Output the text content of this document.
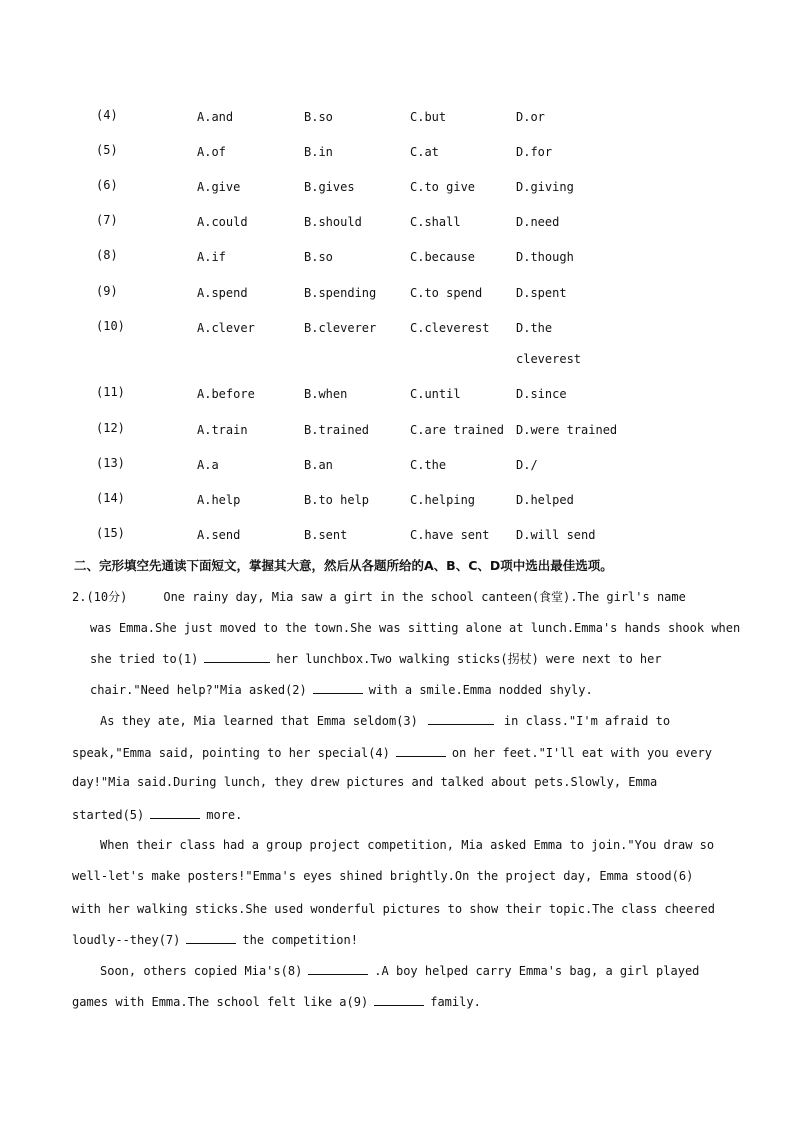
(4)	A.and	B.so	C.but	D.or
(5)	A.of	B.in	C.at	D.for
(6)	A.give	B.gives	C.to give	D.giving
(7)	A.could	B.should	C.shall	D.need
(8)	A.if	B.so	C.because	D.though
(9)	A.spend	B.spending	C.to spend	D.spent
(10)	A.clever	B.cleverer	C.cleverest D.the
cleverest
(11)	A.before	B.when	C.until	D.since
(12)	A.train	B.trained	C.are trained D.were trained
(13)	A.a	B.an	C.the	D./
(14)	A.help	B.to help	C.helping	D.helped
(15)	A.send	B.sent	C.have sent D.will send
二、完形填空先通读下面短文，掌握其大意，然后从各题所给的A、B、C、D项中选出最佳选项。
2.(10分)	One rainy day, Mia saw a girt in the school canteen(食堂).The girl's name
was Emma.She just moved to the town.She was sitting alone at lunch.Emma's hands shook when
she tried to(1)	her lunchbox.Two walking sticks(拐杖) were next to her
chair."Need help?"Mia asked(2)	with a smile.Emma nodded shyly.
As they ate, Mia learned that Emma seldom(3)	in class."I'm afraid to
speak,"Emma said, pointing to her special(4)	on her feet."I'll eat with you every
day!"Mia said.During lunch, they drew pictures and talked about pets.Slowly, Emma
started(5)	more.
When their class had a group project competition, Mia asked Emma to join."You draw so
well-let's make posters!"Emma's eyes shined brightly.On the project day, Emma stood(6)
with her walking sticks.She used wonderful pictures to show their topic.The class cheered
loudly--they(7)	the competition!
Soon, others copied Mia's(8)	.A boy helped carry Emma's bag, a girl played
games with Emma.The school felt like a(9)	family.
